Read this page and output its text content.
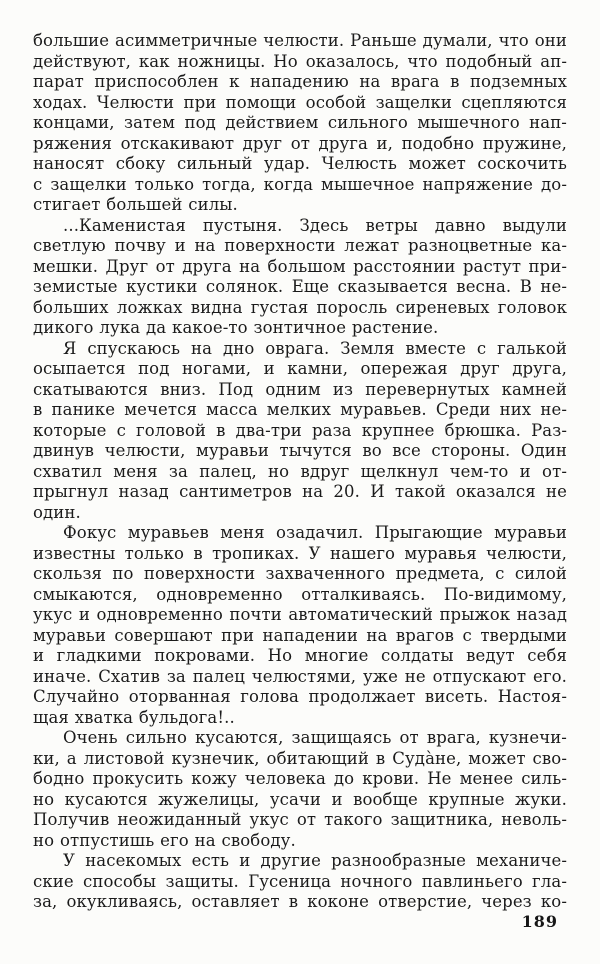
большие асимметричные челюсти. Раньше думали, что они
действуют, как ножницы. Но оказалось, что подобный ап-
парат приспособлен к нападению на врага в подземных
ходах. Челюсти при помощи особой защелки сцепляются
концами, затем под действием сильного мышечного нап-
ряжения отскакивают друг от друга и, подобно пружине,
наносят сбоку сильный удар. Челюсть может соскочить
с защелки только тогда, когда мышечное напряжение до-
стигает большей силы.
...Каменистая пустыня. Здесь ветры давно выдули
светлую почву и на поверхности лежат разноцветные ка-
мешки. Друг от друга на большом расстоянии растут при-
земистые кустики солянок. Еще сказывается весна. В не-
больших ложках видна густая поросль сиреневых головок
дикого лука да какое-то зонтичное растение.
Я спускаюсь на дно оврага. Земля вместе с галькой
осыпается под ногами, и камни, опережая друг друга,
скатываются вниз. Под одним из перевернутых камней
в панике мечется масса мелких муравьев. Среди них не-
которые с головой в два-три раза крупнее брюшка. Раз-
двинув челюсти, муравьи тычутся во все стороны. Один
схватил меня за палец, но вдруг щелкнул чем-то и от-
прыгнул назад сантиметров на 20. И такой оказался не
один.
Фокус муравьев меня озадачил. Прыгающие муравьи
известны только в тропиках. У нашего муравья челюсти,
скользя по поверхности захваченного предмета, с силой
смыкаются, одновременно отталкиваясь. По-видимому,
укус и одновременно почти автоматический прыжок назад
муравьи совершают при нападении на врагов с твердыми
и гладкими покровами. Но многие солдаты ведут себя
иначе. Схатив за палец челюстями, уже не отпускают его.
Случайно оторванная голова продолжает висеть. Настоя-
щая хватка бульдога!..
Очень сильно кусаются, защищаясь от врага, кузнечи-
ки, а листовой кузнечик, обитающий в Суда̀не, может сво-
бодно прокусить кожу человека до крови. Не менее силь-
но кусаются жужелицы, усачи и вообще крупные жуки.
Получив неожиданный укус от такого защитника, неволь-
но отпустишь его на свободу.
У насекомых есть и другие разнообразные механиче-
ские способы защиты. Гусеница ночного павлиньего гла-
за, окукливаясь, оставляет в коконе отверстие, через ко-
189
